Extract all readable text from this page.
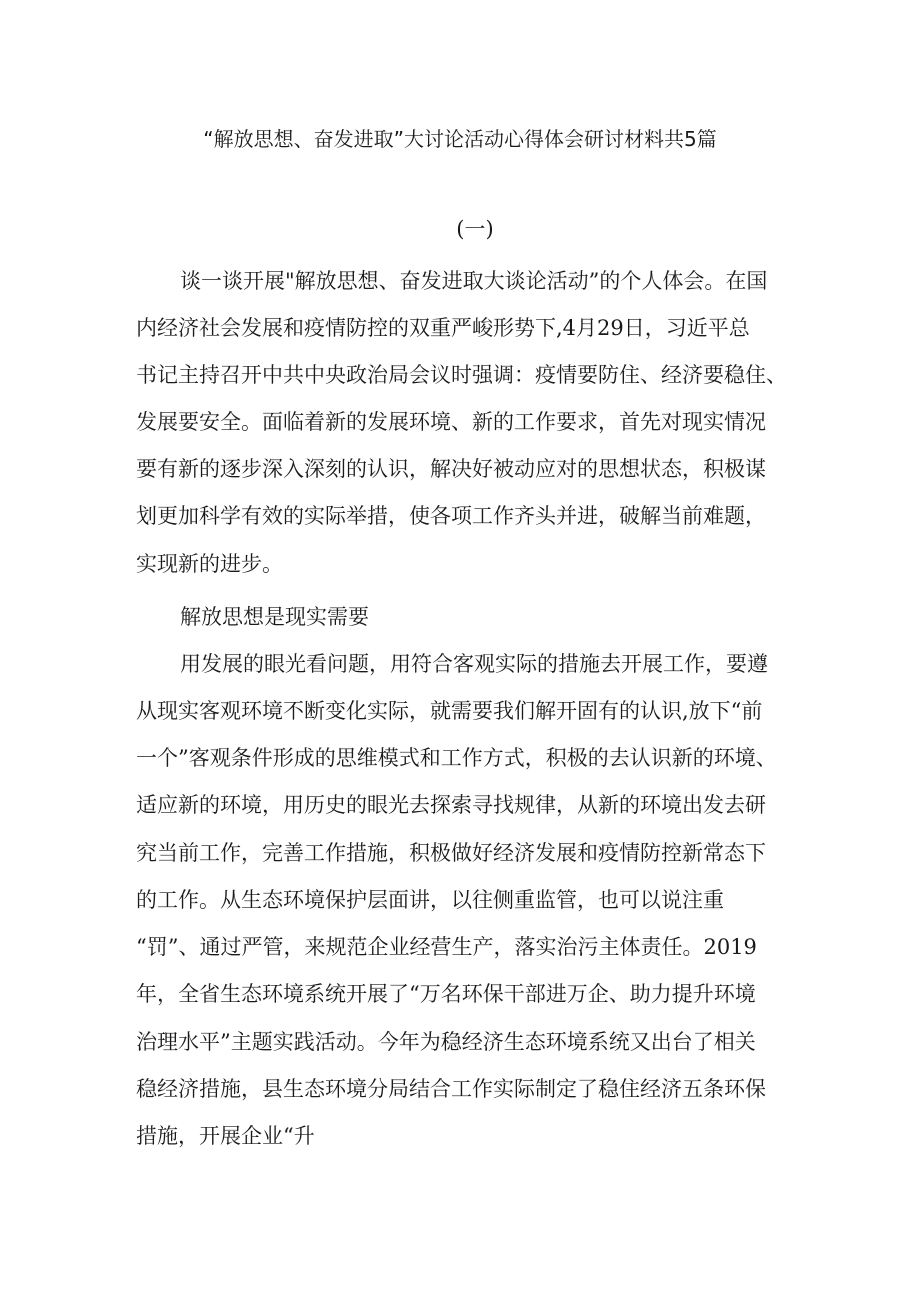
“解放思想、奋发进取”大讨论活动心得体会研讨材料共5篇
(一)
谈一谈开展"解放思想、奋发进取大谈论活动”的个人体会。在国
内经济社会发展和疫情防控的双重严峻形势下,4月29日，习近平总
书记主持召开中共中央政治局会议时强调：疫情要防住、经济要稳住、
发展要安全。面临着新的发展环境、新的工作要求，首先对现实情况
要有新的逐步深入深刻的认识，解决好被动应对的思想状态，积极谋
划更加科学有效的实际举措，使各项工作齐头并进，破解当前难题，
实现新的进步。
解放思想是现实需要
用发展的眼光看问题，用符合客观实际的措施去开展工作，要遵
从现实客观环境不断变化实际，就需要我们解开固有的认识,放下“前
一个”客观条件形成的思维模式和工作方式，积极的去认识新的环境、
适应新的环境，用历史的眼光去探索寻找规律，从新的环境出发去研
究当前工作，完善工作措施，积极做好经济发展和疫情防控新常态下
的工作。从生态环境保护层面讲，以往侧重监管，也可以说注重
“罚”、通过严管，来规范企业经营生产，落实治污主体责任。2019
年，全省生态环境系统开展了“万名环保干部进万企、助力提升环境
治理水平”主题实践活动。今年为稳经济生态环境系统又出台了相关
稳经济措施，县生态环境分局结合工作实际制定了稳住经济五条环保
措施，开展企业“升
